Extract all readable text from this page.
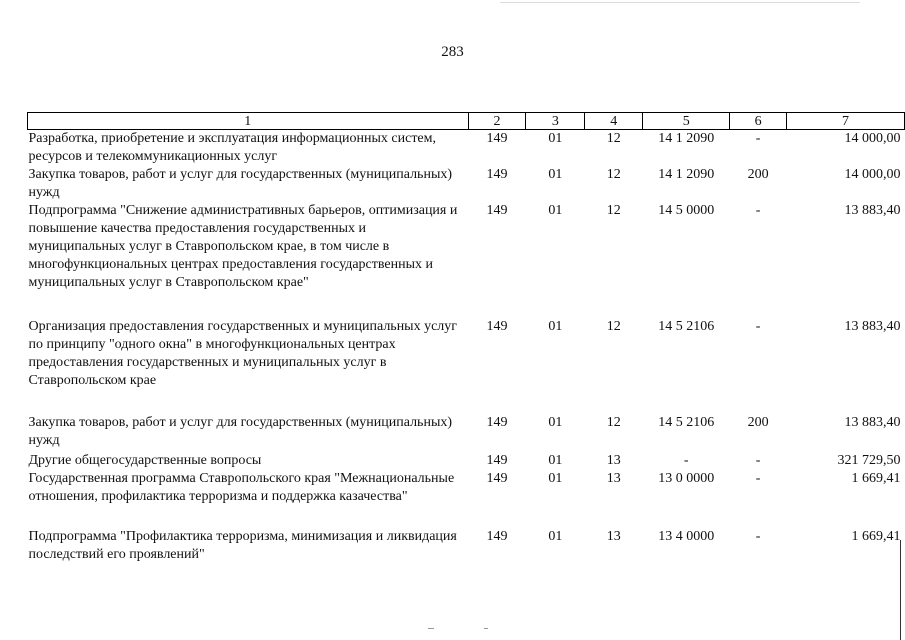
283
1	2	3	4	5	6	7
Разработка, приобретение и эксплуатация информационных систем, ресурсов и телекоммуникационных услуг	149	01	12	14 1 2090	-	14 000,00
Закупка товаров, работ и услуг для государственных (муниципальных) нужд	149	01	12	14 1 2090	200	14 000,00
Подпрограмма "Снижение административных барьеров, оптимизация и повышение качества предоставления государственных и муниципальных услуг в Ставропольском крае, в том числе в многофункциональных центрах предоставления государственных и муниципальных услуг в Ставропольском крае"	149	01	12	14 5 0000	-	13 883,40
Организация предоставления государственных и муниципальных услуг по принципу "одного окна" в многофункциональных центрах предоставления государственных и муниципальных услуг в Ставропольском крае	149	01	12	14 5 2106	-	13 883,40
Закупка товаров, работ и услуг для государственных (муниципальных) нужд	149	01	12	14 5 2106	200	13 883,40
Другие общегосударственные вопросы	149	01	13	-	-	321 729,50
Государственная программа Ставропольского края "Межнациональные отношения, профилактика терроризма и поддержка казачества"	149	01	13	13 0 0000	-	1 669,41
Подпрограмма "Профилактика терроризма, минимизация и ликвидация последствий его проявлений"	149	01	13	13 4 0000	-	1 669,41
